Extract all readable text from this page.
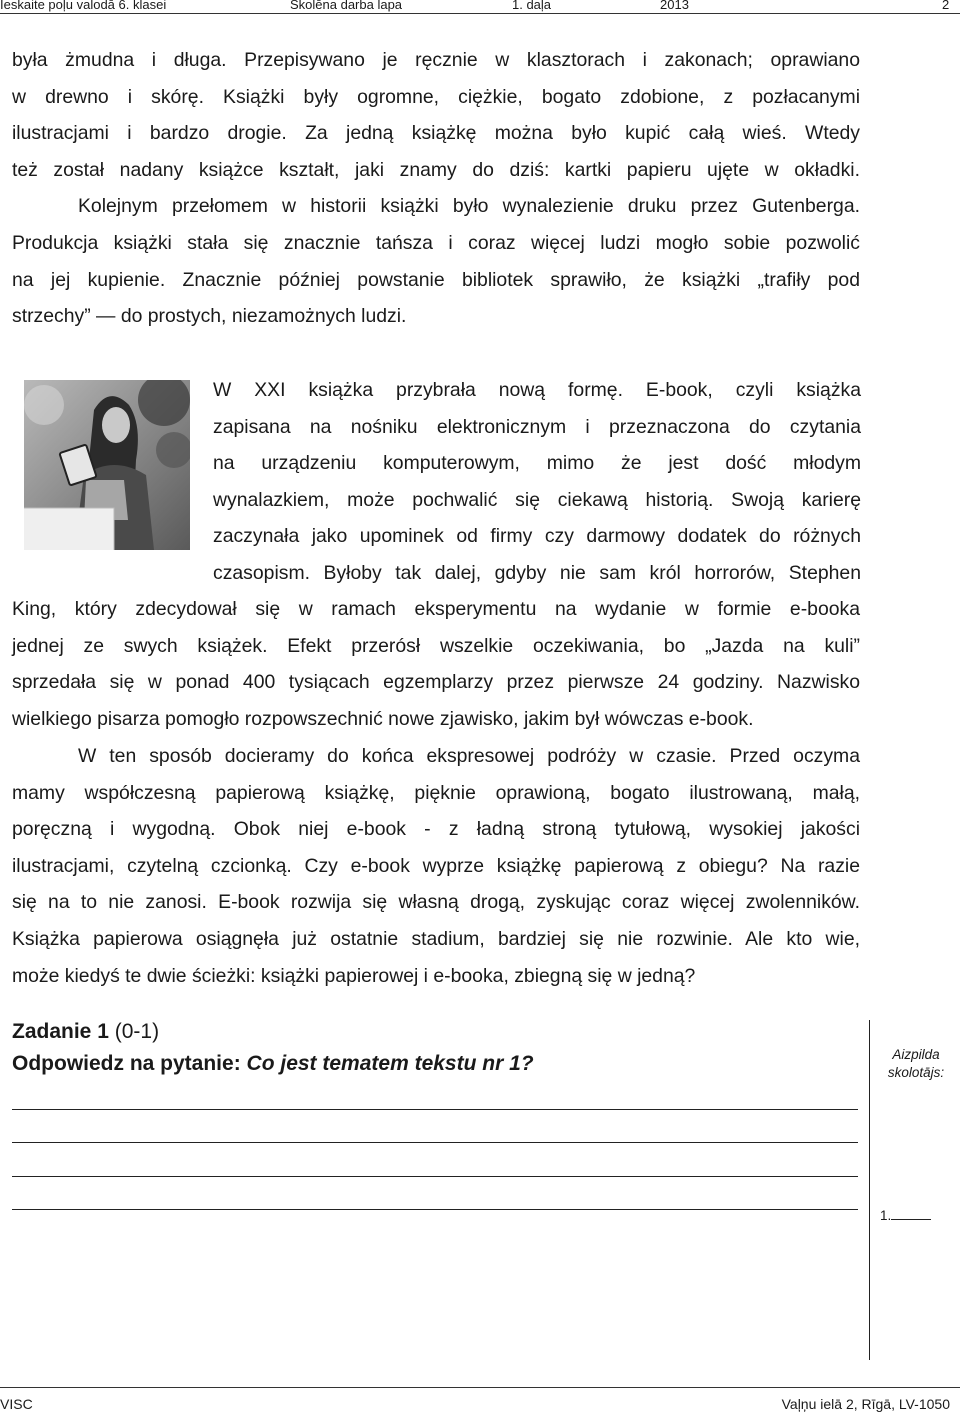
Ieskaite poļu valodā 6. klasei	Skolēna darba lapa	1. daļa	2013	2
była żmudna i długa. Przepisywano je ręcznie w klasztorach i zakonach; oprawiano
w drewno i skórę. Książki były ogromne, ciężkie, bogato zdobione, z pozłacanymi
ilustracjami i bardzo drogie. Za jedną książkę można było kupić całą wieś. Wtedy
też został nadany książce kształt, jaki znamy do dziś: kartki papieru ujęte w okładki.
Kolejnym przełomem w historii książki było wynalezienie druku przez Gutenberga.
Produkcja książki stała się znacznie tańsza i coraz więcej ludzi mogło sobie pozwolić
na jej kupienie. Znacznie później powstanie bibliotek sprawiło, że książki „trafiły pod
strzechy” — do prostych, niezamożnych ludzi.
W XXI książka przybrała nową formę. E-book, czyli książka
zapisana na nośniku elektronicznym i przeznaczona do czytania
na urządzeniu komputerowym, mimo że jest dość młodym
wynalazkiem, może pochwalić się ciekawą historią. Swoją karierę
zaczynała jako upominek od firmy czy darmowy dodatek do różnych
czasopism. Byłoby tak dalej, gdyby nie sam król horrorów, Stephen
King, który zdecydował się w ramach eksperymentu na wydanie w formie e-booka
jednej ze swych książek. Efekt przerósł wszelkie oczekiwania, bo „Jazda na kuli”
sprzedała się w ponad 400 tysiącach egzemplarzy przez pierwsze 24 godziny. Nazwisko
wielkiego pisarza pomogło rozpowszechnić nowe zjawisko, jakim był wówczas e-book.
W ten sposób docieramy do końca ekspresowej podróży w czasie. Przed oczyma
mamy współczesną papierową książkę, pięknie oprawioną, bogato ilustrowaną, małą,
poręczną i wygodną. Obok niej e-book - z ładną stroną tytułową, wysokiej jakości
ilustracjami, czytelną czcionką. Czy e-book wyprze książkę papierową z obiegu? Na razie
się na to nie zanosi. E-book rozwija się własną drogą, zyskując coraz więcej zwolenników.
Książka papierowa osiągnęła już ostatnie stadium, bardziej się nie rozwinie. Ale kto wie,
może kiedyś te dwie ścieżki: książki papierowej i e-booka, zbiegną się w jedną?
Zadanie 1 (0-1)
Odpowiedz na pytanie: Co jest tematem tekstu nr 1?	Aizpilda
skolotājs:
1.
VISC	Vaļņu ielā 2, Rīgā, LV-1050
